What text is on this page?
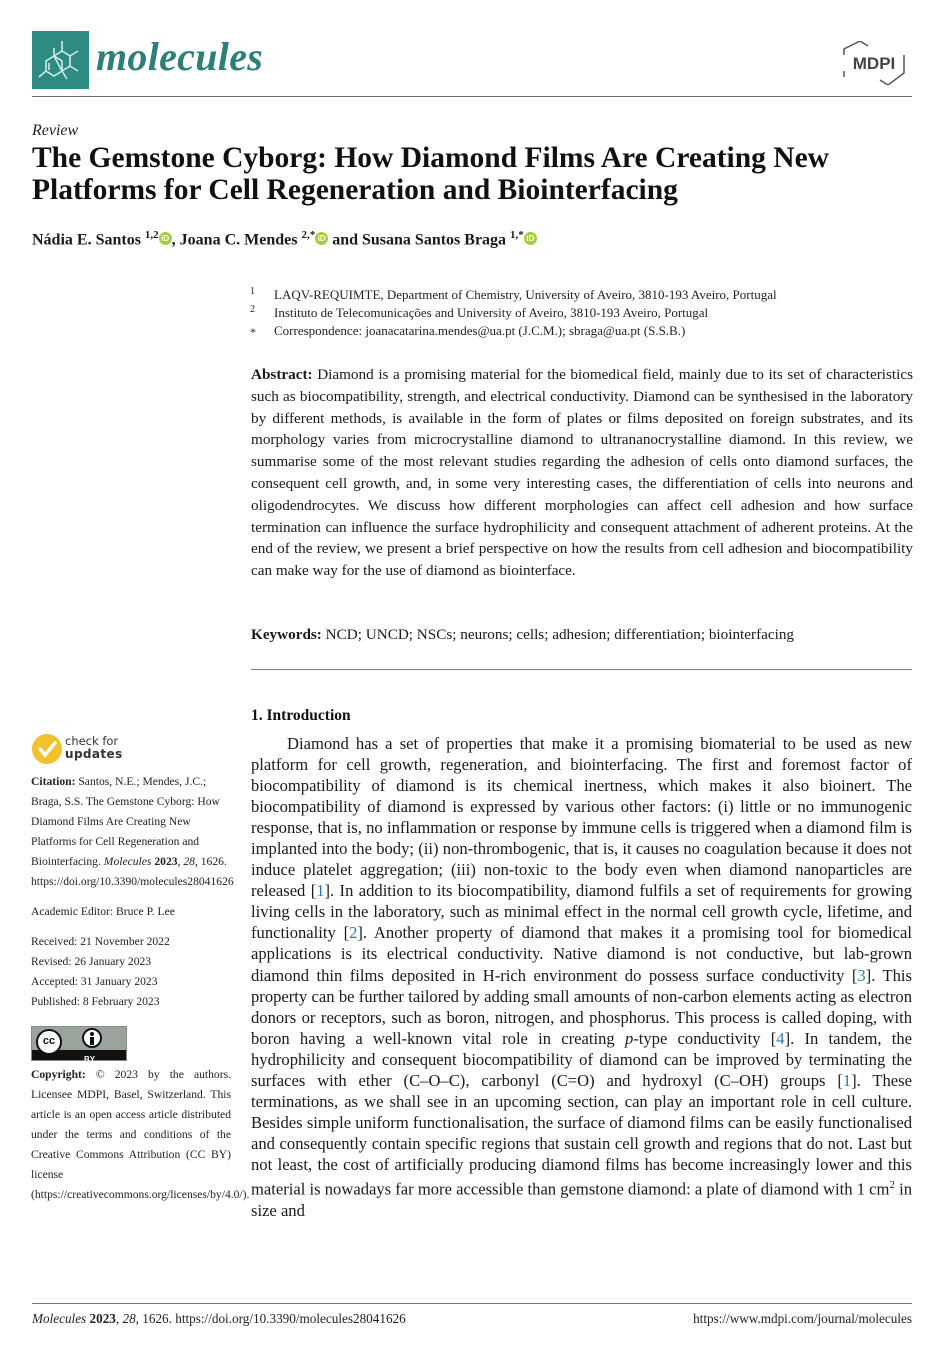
molecules	MDPI
Review
The Gemstone Cyborg: How Diamond Films Are Creating New Platforms for Cell Regeneration and Biointerfacing
Nádia E. Santos $^{1,2}$ iD , Joana C. Mendes $^{2,*}$ iD and Susana Santos Braga $^{1,*}$ iD
1 LAQV-REQUIMTE, Department of Chemistry, University of Aveiro, 3810-193 Aveiro, Portugal
2 Instituto de Telecomunicações and University of Aveiro, 3810-193 Aveiro, Portugal
* Correspondence: joanacatarina.mendes@ua.pt (J.C.M.); sbraga@ua.pt (S.S.B.)
Abstract: Diamond is a promising material for the biomedical field, mainly due to its set of characteristics such as biocompatibility, strength, and electrical conductivity. Diamond can be synthesised in the laboratory by different methods, is available in the form of plates or films deposited on foreign substrates, and its morphology varies from microcrystalline diamond to ultrananocrystalline diamond. In this review, we summarise some of the most relevant studies regarding the adhesion of cells onto diamond surfaces, the consequent cell growth, and, in some very interesting cases, the differentiation of cells into neurons and oligodendrocytes. We discuss how different morphologies can affect cell adhesion and how surface termination can influence the surface hydrophilicity and consequent attachment of adherent proteins. At the end of the review, we present a brief perspective on how the results from cell adhesion and biocompatibility can make way for the use of diamond as biointerface.
Keywords: NCD; UNCD; NSCs; neurons; cells; adhesion; differentiation; biointerfacing
check for
updates
Citation: Santos, N.E.; Mendes, J.C.; Braga, S.S. The Gemstone Cyborg: How Diamond Films Are Creating New Platforms for Cell Regeneration and Biointerfacing. Molecules 2023, 28, 1626. https://doi.org/10.3390/molecules28041626
Academic Editor: Bruce P. Lee
Received: 21 November 2022
Revised: 26 January 2023
Accepted: 31 January 2023
Published: 8 February 2023
cc
BY
Copyright: © 2023 by the authors. Licensee MDPI, Basel, Switzerland. This article is an open access article distributed under the terms and conditions of the Creative Commons Attribution (CC BY) license (https://creativecommons.org/licenses/by/4.0/).
1. Introduction
Diamond has a set of properties that make it a promising biomaterial to be used as new platform for cell growth, regeneration, and biointerfacing. The first and foremost factor of biocompatibility of diamond is its chemical inertness, which makes it also bioinert. The biocompatibility of diamond is expressed by various other factors: (i) little or no immunogenic response, that is, no inflammation or response by immune cells is triggered when a diamond film is implanted into the body; (ii) non-thrombogenic, that is, it causes no coagulation because it does not induce platelet aggregation; (iii) non-toxic to the body even when diamond nanoparticles are released [1]. In addition to its biocompatibility, diamond fulfils a set of requirements for growing living cells in the laboratory, such as minimal effect in the normal cell growth cycle, lifetime, and functionality [2]. Another property of diamond that makes it a promising tool for biomedical applications is its electrical conductivity. Native diamond is not conductive, but lab-grown diamond thin films deposited in H-rich environment do possess surface conductivity [3]. This property can be further tailored by adding small amounts of non-carbon elements acting as electron donors or receptors, such as boron, nitrogen, and phosphorus. This process is called doping, with boron having a well-known vital role in creating p-type conductivity [4]. In tandem, the hydrophilicity and consequent biocompatibility of diamond can be improved by terminating the surfaces with ether (C–O–C), carbonyl (C=O) and hydroxyl (C–OH) groups [1]. These terminations, as we shall see in an upcoming section, can play an important role in cell culture. Besides simple uniform functionalisation, the surface of diamond films can be easily functionalised and consequently contain specific regions that sustain cell growth and regions that do not. Last but not least, the cost of artificially producing diamond films has become increasingly lower and this material is nowadays far more accessible than gemstone diamond: a plate of diamond with 1 $cm^2$ in size and
Molecules 2023, 28, 1626. https://doi.org/10.3390/molecules28041626	https://www.mdpi.com/journal/molecules
